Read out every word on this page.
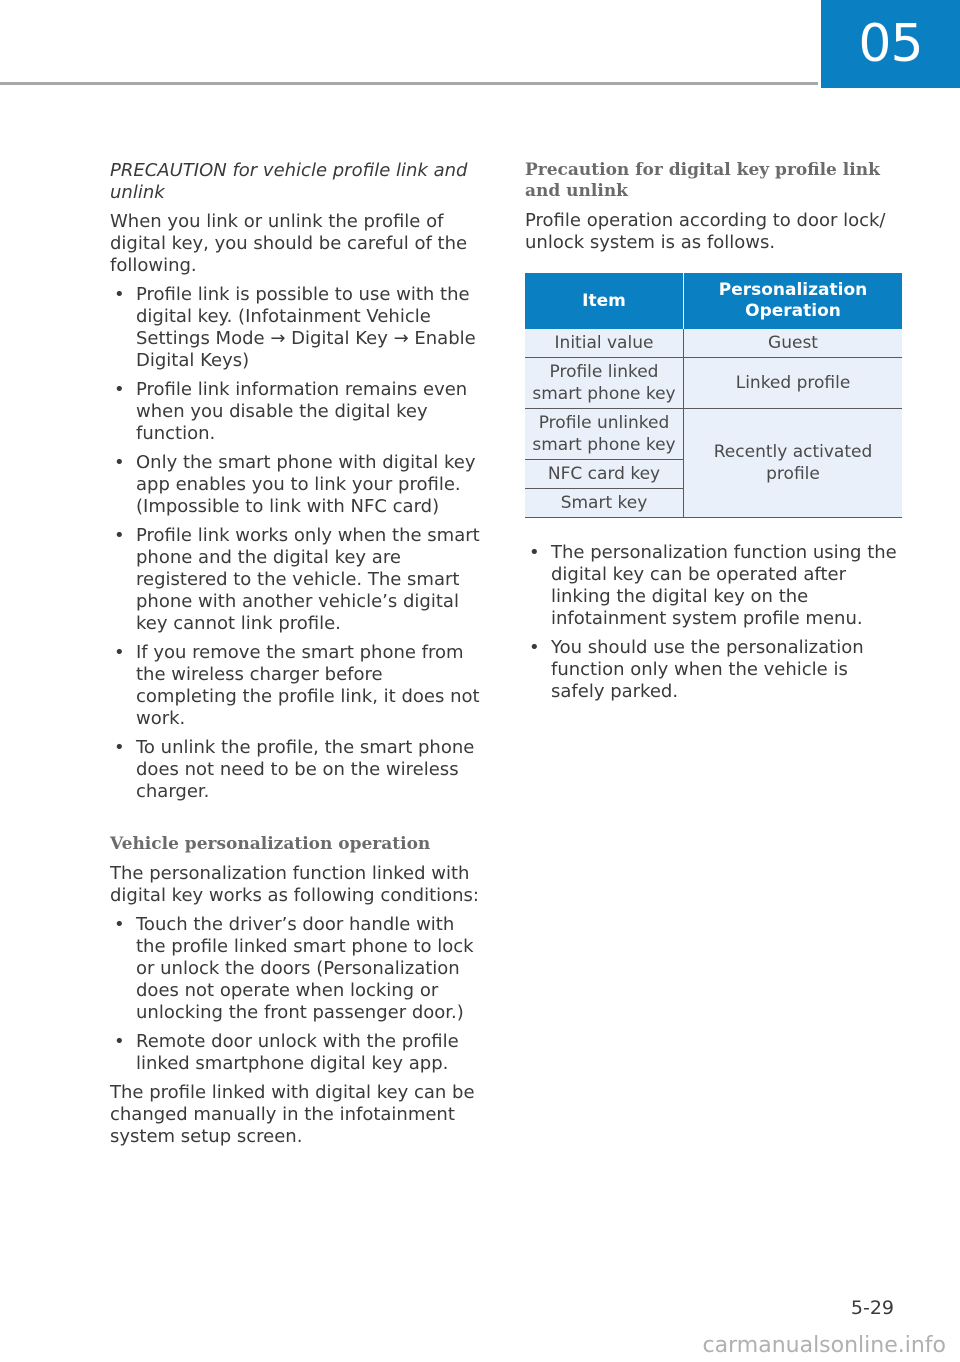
05

PRECAUTION for vehicle profile link and unlink

When you link or unlink the profile of digital key, you should be careful of the following.

• Profile link is possible to use with the digital key. (Infotainment Vehicle Settings Mode → Digital Key → Enable Digital Keys)
• Profile link information remains even when you disable the digital key function.
• Only the smart phone with digital key app enables you to link your profile. (Impossible to link with NFC card)
• Profile link works only when the smart phone and the digital key are registered to the vehicle. The smart phone with another vehicle’s digital key cannot link profile.
• If you remove the smart phone from the wireless charger before completing the profile link, it does not work.
• To unlink the profile, the smart phone does not need to be on the wireless charger.

Vehicle personalization operation

The personalization function linked with digital key works as following conditions:

• Touch the driver’s door handle with the profile linked smart phone to lock or unlock the doors (Personalization does not operate when locking or unlocking the front passenger door.)
• Remote door unlock with the profile linked smartphone digital key app.

The profile linked with digital key can be changed manually in the infotainment system setup screen.

Precaution for digital key profile link and unlink

Profile operation according to door lock/ unlock system is as follows.

Item	Personalization Operation
Initial value	Guest
Profile linked smart phone key	Linked profile
Profile unlinked smart phone key	Recently activated profile
NFC card key	
Smart key	
• The personalization function using the digital key can be operated after linking the digital key on the infotainment system profile menu.
• You should use the personalization function only when the vehicle is safely parked.
5-29
carmanualsonline.info
